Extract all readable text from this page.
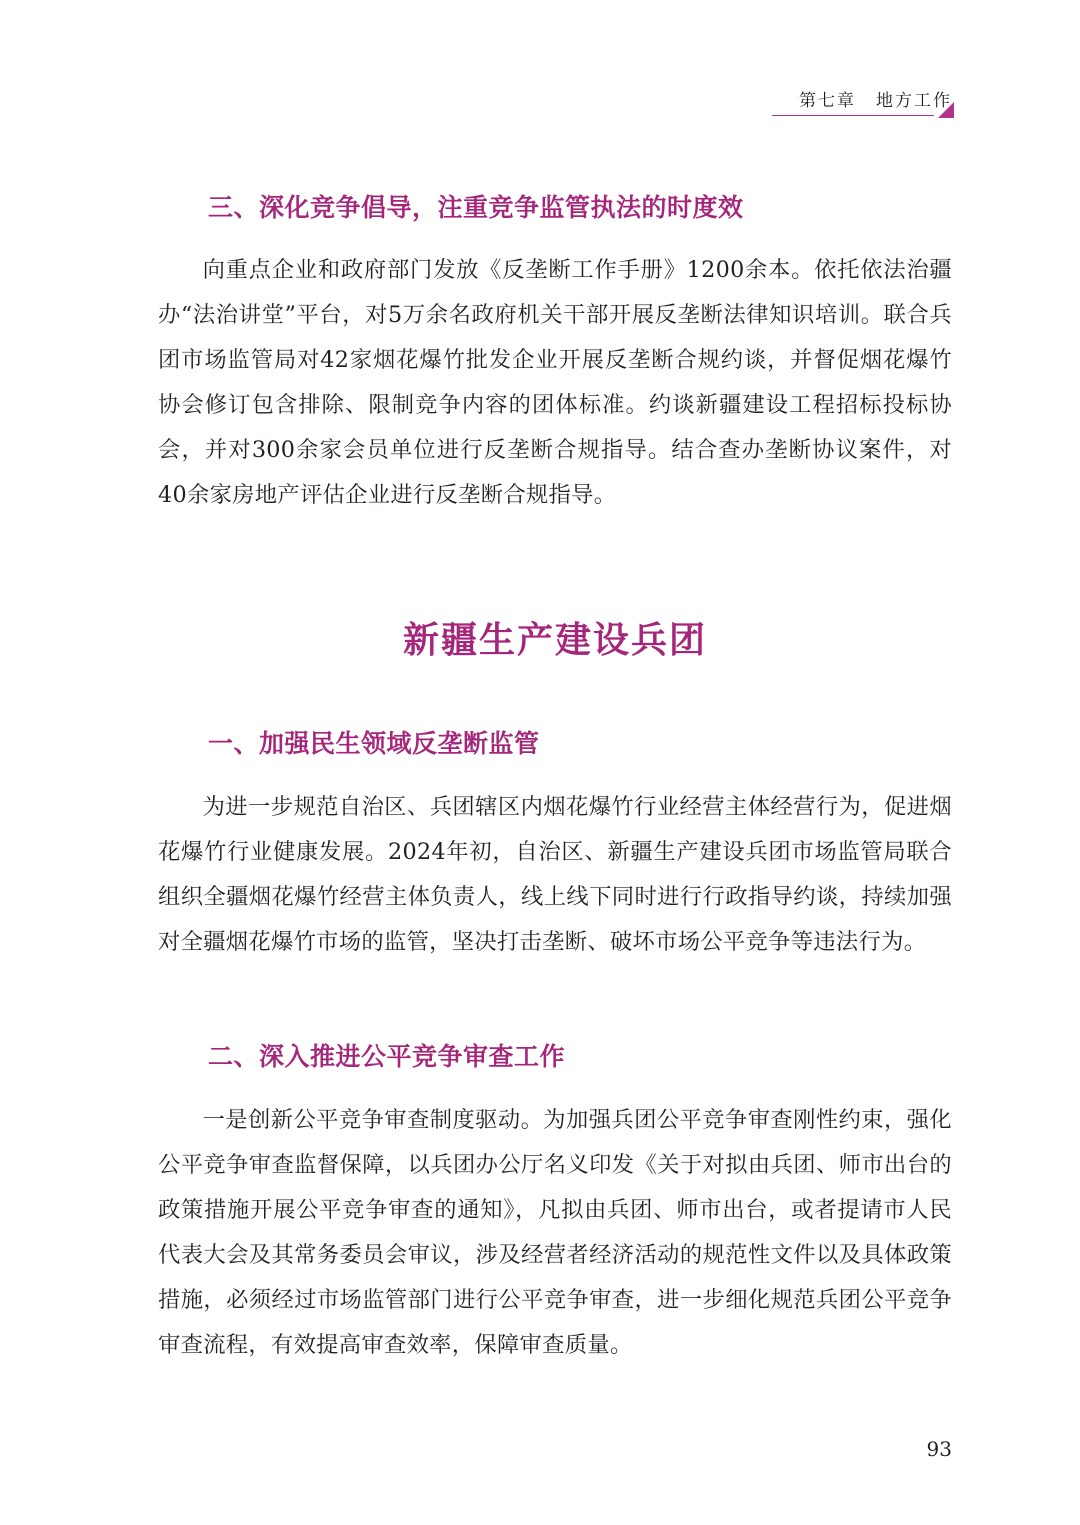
第七章 地方工作
三、深化竞争倡导，注重竞争监管执法的时度效

向重点企业和政府部门发放《反垄断工作手册》1200余本。依托依法治疆办“法治讲堂”平台，对5万余名政府机关干部开展反垄断法律知识培训。联合兵团市场监管局对42家烟花爆竹批发企业开展反垄断合规约谈，并督促烟花爆竹协会修订包含排除、限制竞争内容的团体标准。约谈新疆建设工程招标投标协会，并对300余家会员单位进行反垄断合规指导。结合查办垄断协议案件，对40余家房地产评估企业进行反垄断合规指导。

新疆生产建设兵团
一、加强民生领域反垄断监管

为进一步规范自治区、兵团辖区内烟花爆竹行业经营主体经营行为，促进烟花爆竹行业健康发展。2024年初，自治区、新疆生产建设兵团市场监管局联合组织全疆烟花爆竹经营主体负责人，线上线下同时进行行政指导约谈，持续加强对全疆烟花爆竹市场的监管，坚决打击垄断、破坏市场公平竞争等违法行为。

二、深入推进公平竞争审查工作

一是创新公平竞争审查制度驱动。为加强兵团公平竞争审查刚性约束，强化公平竞争审查监督保障，以兵团办公厅名义印发《关于对拟由兵团、师市出台的政策措施开展公平竞争审查的通知》，凡拟由兵团、师市出台，或者提请市人民代表大会及其常务委员会审议，涉及经营者经济活动的规范性文件以及具体政策措施，必须经过市场监管部门进行公平竞争审查，进一步细化规范兵团公平竞争审查流程，有效提高审查效率，保障审查质量。

93
